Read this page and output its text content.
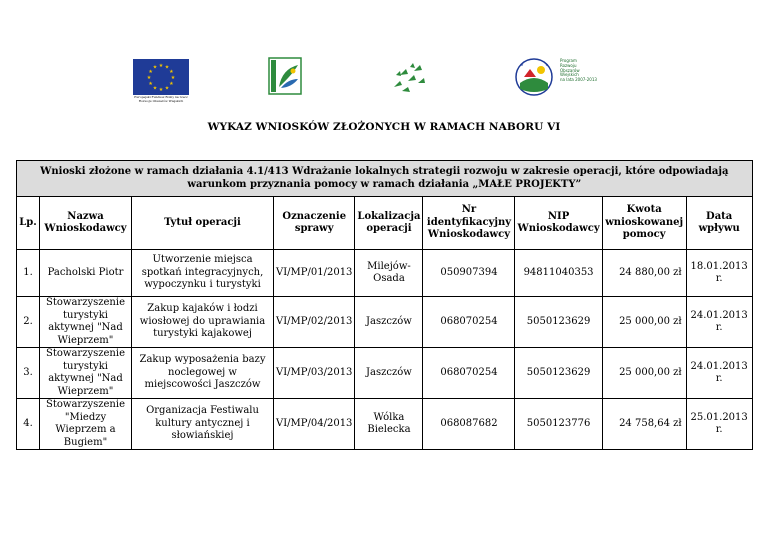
★ ★
★
★
★
★
★
★
★
★
★
★
Europejski Fundusz Rolny na rzecz Rozwoju Obszarów Wiejskich
★	★
Program
Rozwoju
Obszarów
Wiejskich
na lata 2007-2013
WYKAZ WNIOSKÓW ZŁOŻONYCH W RAMACH NABORU VI
Wnioski złożone w ramach działania 4.1/413 Wdrażanie lokalnych strategii rozwoju w zakresie operacji, które odpowiadają warunkom przyznania pomocy w ramach działania „MAŁE PROJEKTY”								
Lp.	Nazwa Wnioskodawcy	Tytuł operacji	Oznaczenie sprawy	Lokalizacja operacji	Nr identyfikacyjny Wnioskodawcy	NIP Wnioskodawcy	Kwota wnioskowanej pomocy	Data wpływu
1.	Pacholski Piotr	Utworzenie miejsca spotkań integracyjnych, wypoczynku i turystyki	VI/MP/01/2013	Milejów-Osada	050907394	94811040353	24 880,00 zł	18.01.2013 r.
2.	Stowarzyszenie turystyki aktywnej "Nad Wieprzem"	Zakup kajaków i łodzi wiosłowej do uprawiania turystyki kajakowej	VI/MP/02/2013	Jaszczów	068070254	5050123629	25 000,00 zł	24.01.2013 r.
3.	Stowarzyszenie turystyki aktywnej "Nad Wieprzem"	Zakup wyposażenia bazy noclegowej w miejscowości Jaszczów	VI/MP/03/2013	Jaszczów	068070254	5050123629	25 000,00 zł	24.01.2013 r.
4.	Stowarzyszenie "Miedzy Wieprzem a Bugiem"	Organizacja Festiwalu kultury antycznej i słowiańskiej	VI/MP/04/2013	Wólka Bielecka	068087682	5050123776	24 758,64 zł	25.01.2013 r.
